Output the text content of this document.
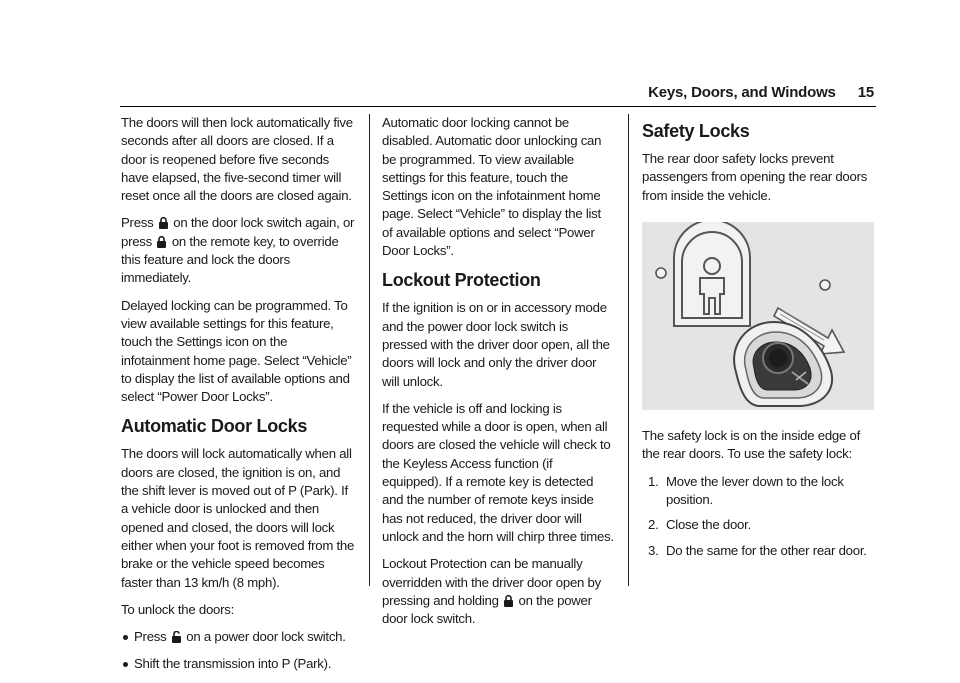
Keys, Doors, and Windows 15

The doors will then lock automatically five seconds after all doors are closed. If a door is reopened before five seconds have elapsed, the five-second timer will reset once all the doors are closed again.

Press  on the door lock switch again, or press  on the remote key, to override this feature and lock the doors immediately.

Delayed locking can be programmed. To view available settings for this feature, touch the Settings icon on the infotainment home page. Select “Vehicle” to display the list of available options and select “Power Door Locks”.

Automatic Door Locks

The doors will lock automatically when all doors are closed, the ignition is on, and the shift lever is moved out of P (Park). If a vehicle door is unlocked and then opened and closed, the doors will lock either when your foot is removed from the brake or the vehicle speed becomes faster than 13 km/h (8 mph).

To unlock the doors:

Press  on a power door lock switch.
Shift the transmission into P (Park).

Automatic door locking cannot be disabled. Automatic door unlocking can be programmed. To view available settings for this feature, touch the Settings icon on the infotainment home page. Select “Vehicle” to display the list of available options and select “Power Door Locks”.

Lockout Protection

If the ignition is on or in accessory mode and the power door lock switch is pressed with the driver door open, all the doors will lock and only the driver door will unlock.

If the vehicle is off and locking is requested while a door is open, when all doors are closed the vehicle will check to the Keyless Access function (if equipped). If a remote key is detected and the number of remote keys inside has not reduced, the driver door will unlock and the horn will chirp three times.

Lockout Protection can be manually overridden with the driver door open by pressing and holding  on the power door lock switch.

Safety Locks

The rear door safety locks prevent passengers from opening the rear doors from inside the vehicle.

The safety lock is on the inside edge of the rear doors. To use the safety lock:

1. Move the lever down to the lock position.
2. Close the door.
3. Do the same for the other rear door.
